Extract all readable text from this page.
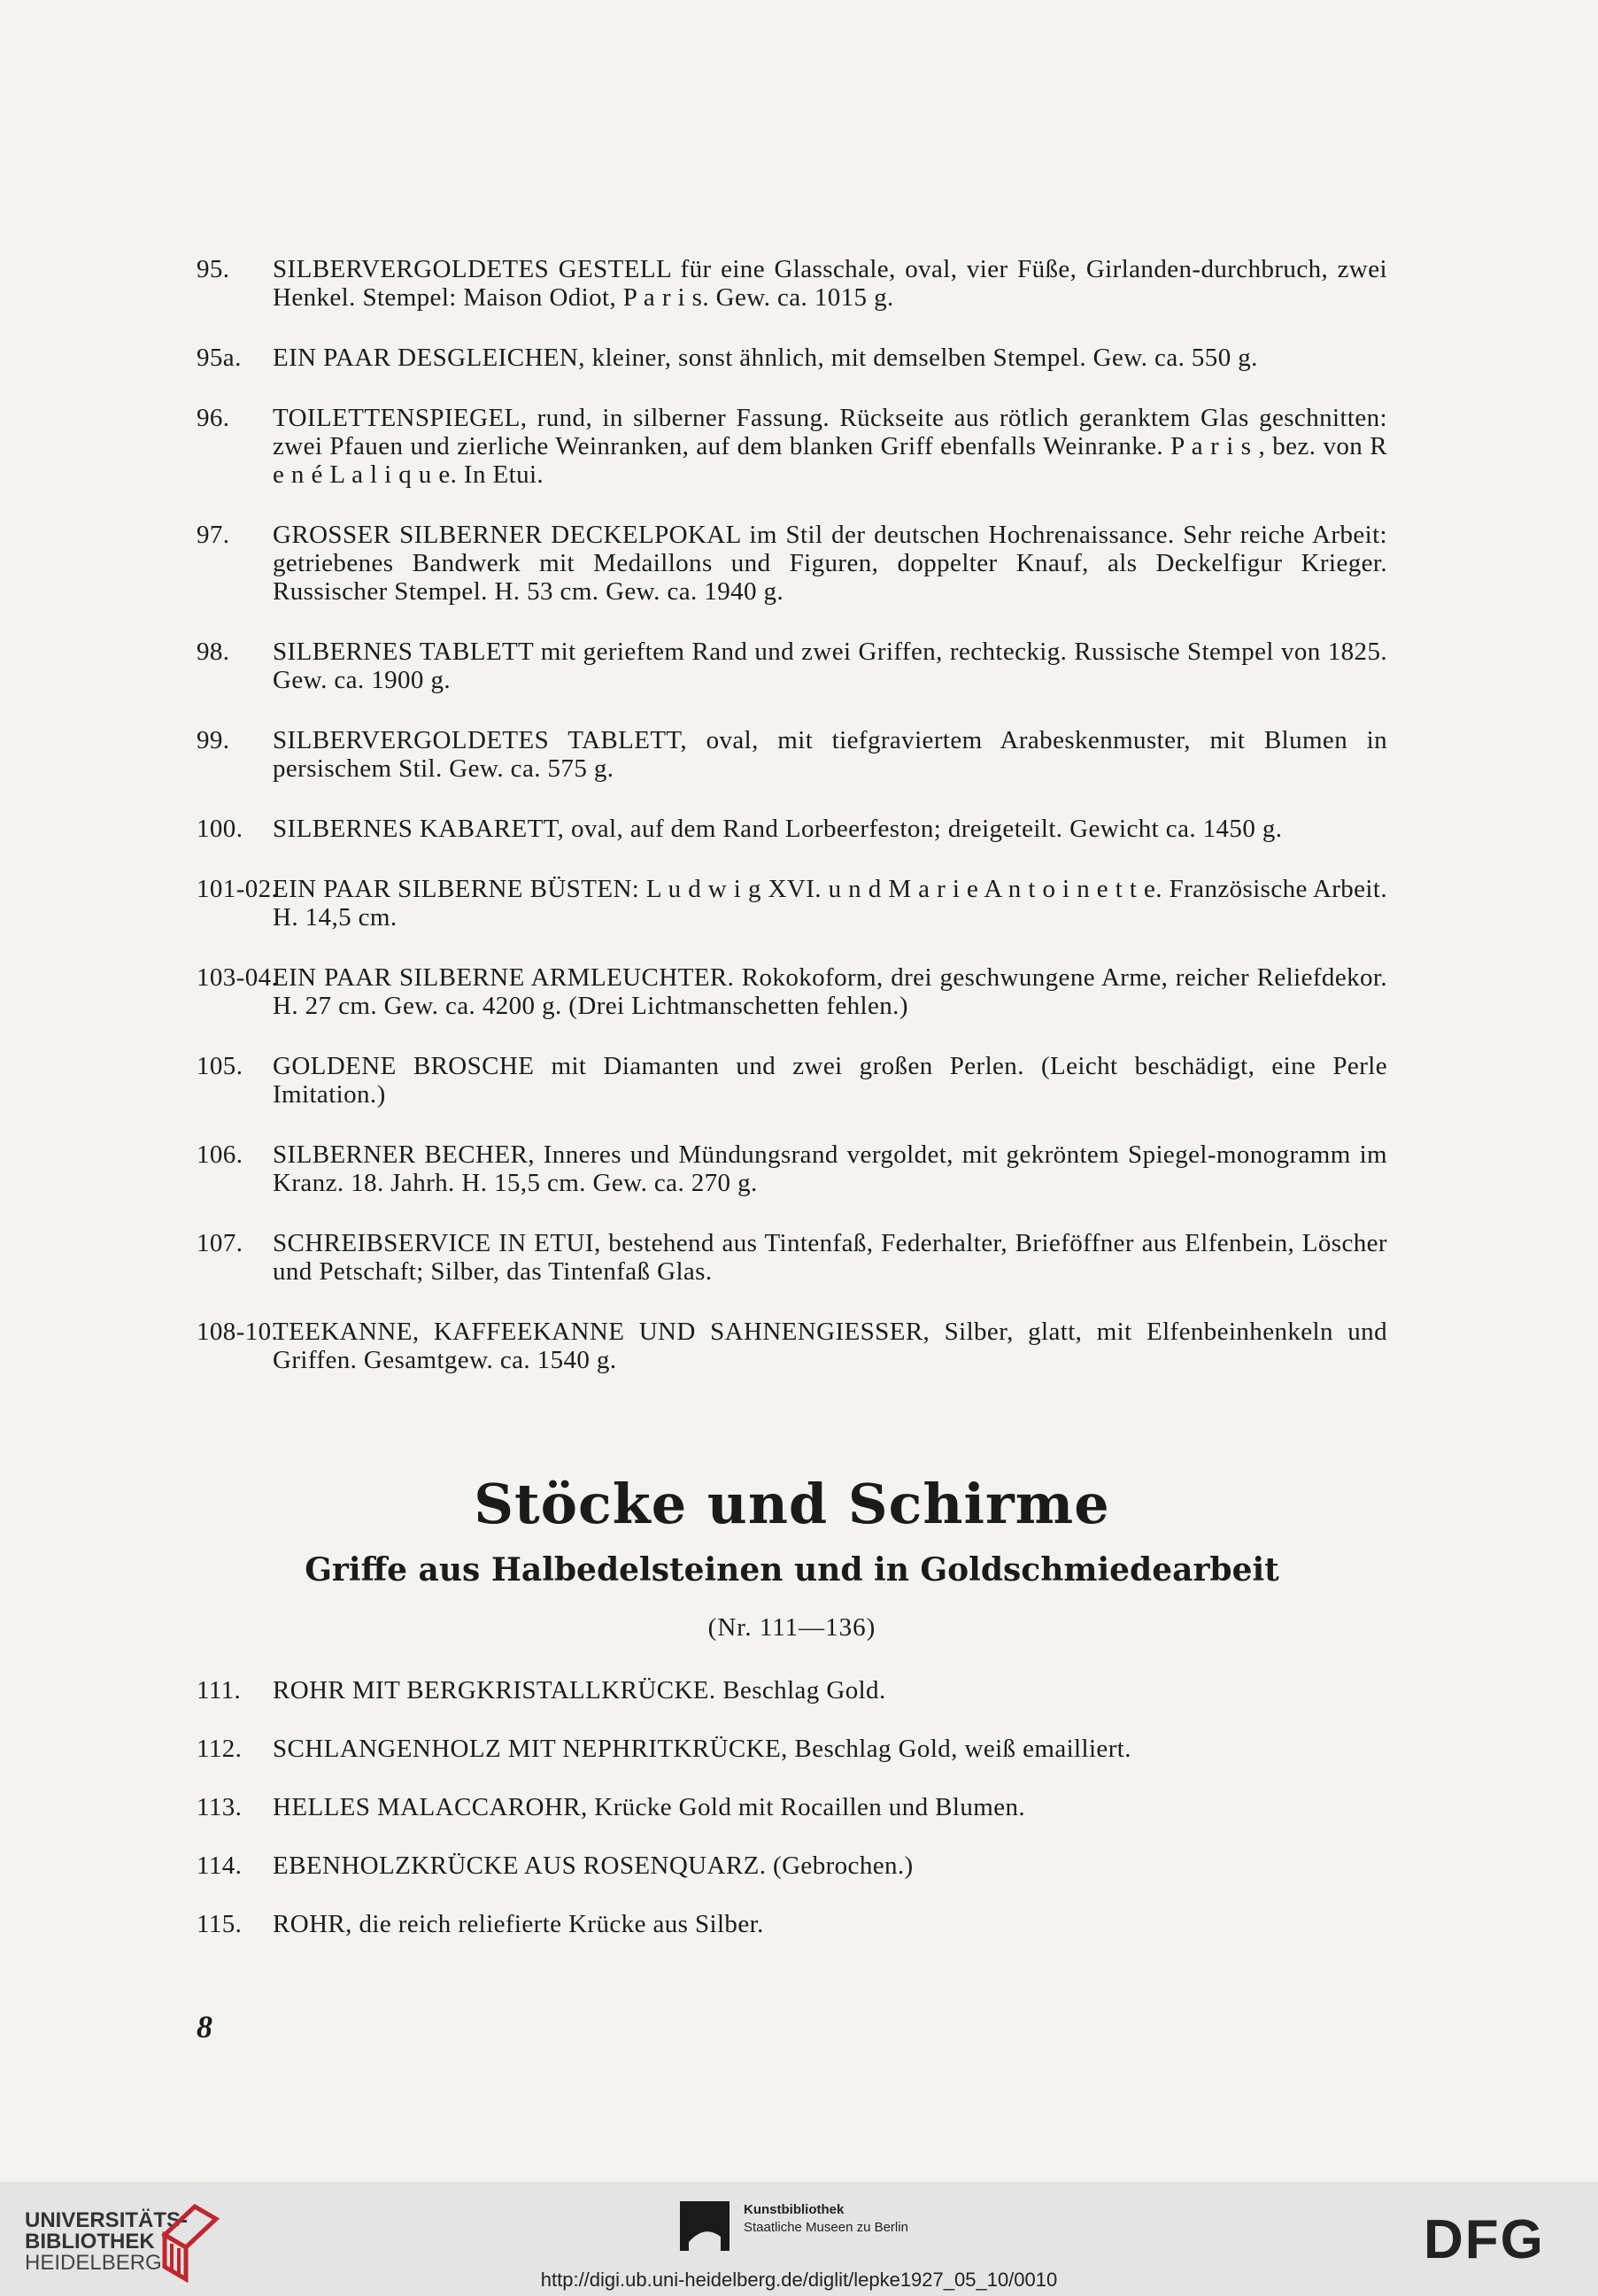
95. SILBERVERGOLDETES GESTELL für eine Glasschale, oval, vier Füße, Girlanden-durchbruch, zwei Henkel. Stempel: Maison Odiot, P a r i s. Gew. ca. 1015 g.
95a. EIN PAAR DESGLEICHEN, kleiner, sonst ähnlich, mit demselben Stempel. Gew. ca. 550 g.
96. TOILETTENSPIEGEL, rund, in silberner Fassung. Rückseite aus rötlich geranktem Glas geschnitten: zwei Pfauen und zierliche Weinranken, auf dem blanken Griff ebenfalls Weinranke. P a r i s , bez. von R e n é L a l i q u e. In Etui.
97. GROSSER SILBERNER DECKELPOKAL im Stil der deutschen Hochrenaissance. Sehr reiche Arbeit: getriebenes Bandwerk mit Medaillons und Figuren, doppelter Knauf, als Deckelfigur Krieger. Russischer Stempel. H. 53 cm. Gew. ca. 1940 g.
98. SILBERNES TABLETT mit gerieftem Rand und zwei Griffen, rechteckig. Russische Stempel von 1825. Gew. ca. 1900 g.
99. SILBERVERGOLDETES TABLETT, oval, mit tiefgraviertem Arabeskenmuster, mit Blumen in persischem Stil. Gew. ca. 575 g.
100. SILBERNES KABARETT, oval, auf dem Rand Lorbeerfeston; dreigeteilt. Gewicht ca. 1450 g.
101-02.
EIN PAAR SILBERNE BÜSTEN: L u d w i g XVI. u n d M a r i e A n t o i n e t t e. Französische Arbeit. H. 14,5 cm.
103-04.
EIN PAAR SILBERNE ARMLEUCHTER. Rokokoform, drei geschwungene Arme, reicher Reliefdekor. H. 27 cm. Gew. ca. 4200 g. (Drei Lichtmanschetten fehlen.)
105. GOLDENE BROSCHE mit Diamanten und zwei großen Perlen. (Leicht beschädigt, eine Perle Imitation.)
106. SILBERNER BECHER, Inneres und Mündungsrand vergoldet, mit gekröntem Spiegel-monogramm im Kranz. 18. Jahrh. H. 15,5 cm. Gew. ca. 270 g.
107. SCHREIBSERVICE IN ETUI, bestehend aus Tintenfaß, Federhalter, Brieföffner aus Elfenbein, Löscher und Petschaft; Silber, das Tintenfaß Glas.
108-10.
TEEKANNE, KAFFEEKANNE UND SAHNENGIESSER, Silber, glatt, mit Elfenbeinhenkeln und Griffen. Gesamtgew. ca. 1540 g.
Stöcke und Schirme
Griffe aus Halbedelsteinen und in Goldschmiedearbeit
(Nr. 111—136)
111. ROHR MIT BERGKRISTALLKRÜCKE. Beschlag Gold.
112. SCHLANGENHOLZ MIT NEPHRITKRÜCKE, Beschlag Gold, weiß emailliert.
113. HELLES MALACCAROHR, Krücke Gold mit Rocaillen und Blumen.
114. EBENHOLZKRÜCKE AUS ROSENQUARZ. (Gebrochen.)
115. ROHR, die reich reliefierte Krücke aus Silber.
8
UNIVERSITÄTS-
BIBLIOTHEK
HEIDELBERG
Kunstbibliothek
Staatliche Museen zu Berlin	DFG
http://digi.ub.uni-heidelberg.de/diglit/lepke1927_05_10/0010
